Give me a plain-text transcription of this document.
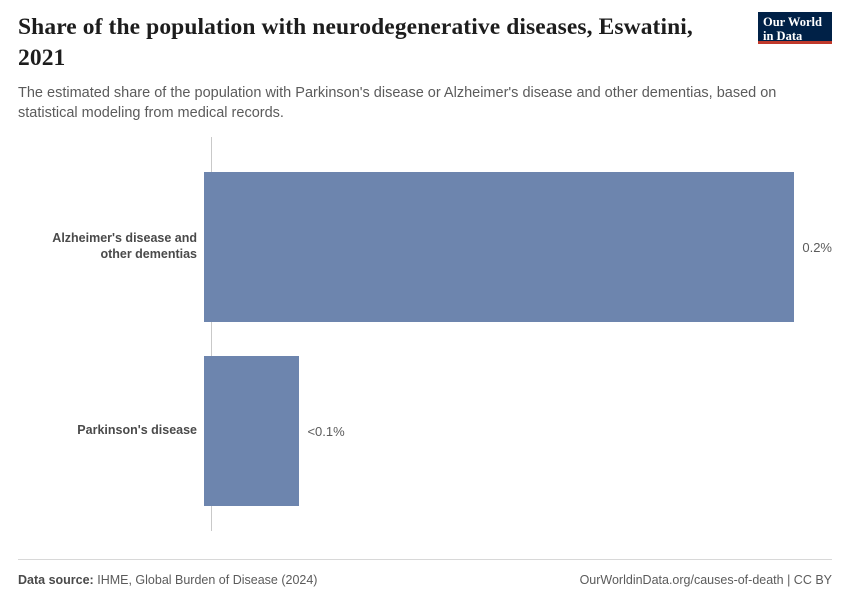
Share of the population with neurodegenerative diseases, Eswatini, 2021
The estimated share of the population with Parkinson's disease or Alzheimer's disease and other dementias, based on statistical modeling from medical records.
Our World
in Data
Alzheimer's disease and other dementias	0.2%
Parkinson's disease	<0.1%
Data source: IHME, Global Burden of Disease (2024)	OurWorldinData.org/causes-of-death | CC BY
